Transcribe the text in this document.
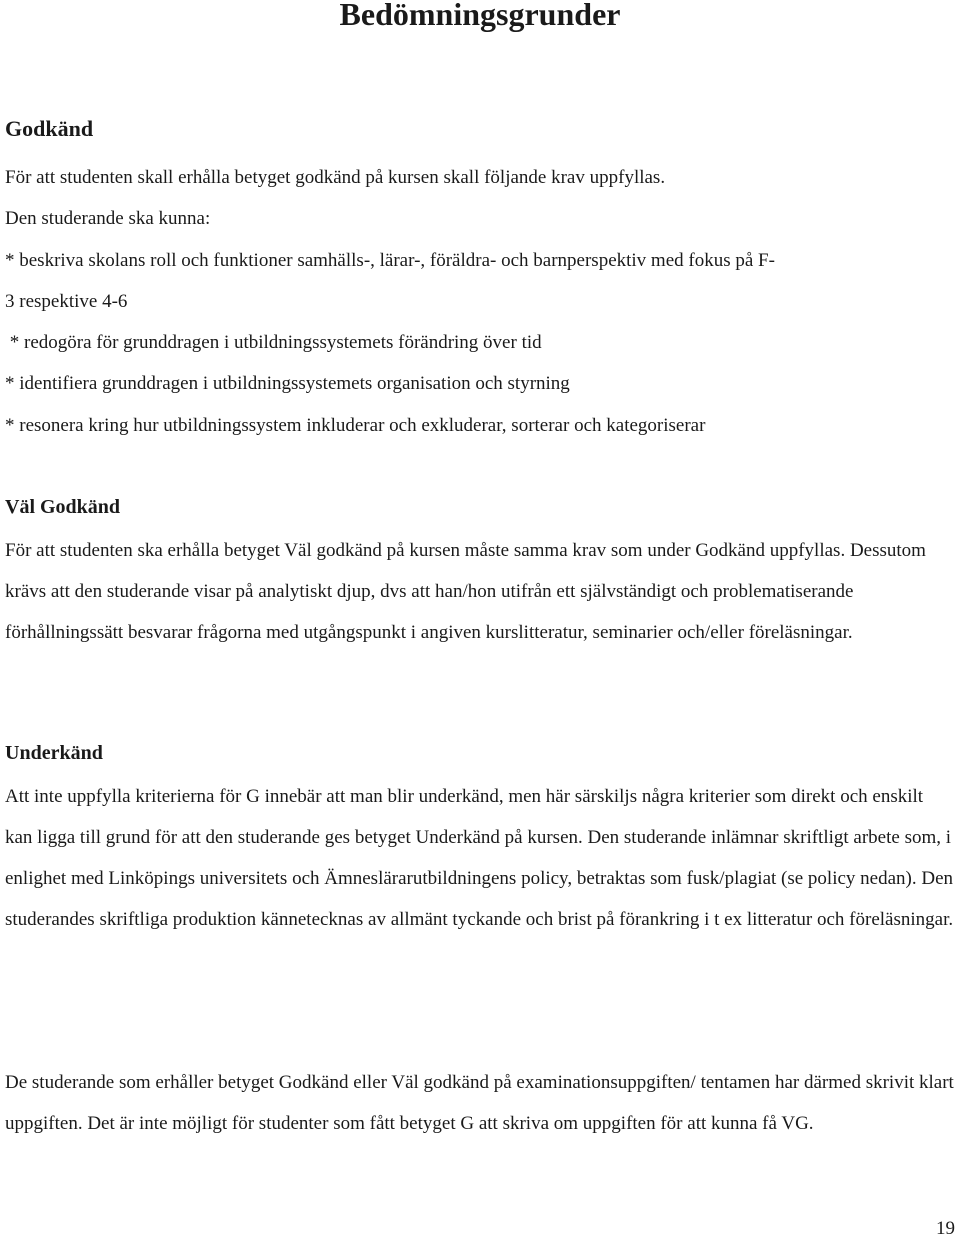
Bedömningsgrunder
Godkänd

För att studenten skall erhålla betyget godkänd på kursen skall följande krav uppfyllas.

Den studerande ska kunna:

* beskriva skolans roll och funktioner samhälls-, lärar-, föräldra- och barnperspektiv med fokus på F-

3 respektive 4-6

* redogöra för grunddragen i utbildningssystemets förändring över tid

* identifiera grunddragen i utbildningssystemets organisation och styrning

* resonera kring hur utbildningssystem inkluderar och exkluderar, sorterar och kategoriserar

Väl Godkänd

För att studenten ska erhålla betyget Väl godkänd på kursen måste samma krav som under Godkänd uppfyllas. Dessutom krävs att den studerande visar på analytiskt djup, dvs att han/hon utifrån ett självständigt och problematiserande förhållningssätt besvarar frågorna med utgångspunkt i angiven kurslitteratur, seminarier och/eller föreläsningar.

Underkänd

Att inte uppfylla kriterierna för G innebär att man blir underkänd, men här särskiljs några kriterier som direkt och enskilt kan ligga till grund för att den studerande ges betyget Underkänd på kursen. Den studerande inlämnar skriftligt arbete som, i enlighet med Linköpings universitets och Ämneslärarutbildningens policy, betraktas som fusk/plagiat (se policy nedan). Den studerandes skriftliga produktion kännetecknas av allmänt tyckande och brist på förankring i t ex litteratur och föreläsningar.

De studerande som erhåller betyget Godkänd eller Väl godkänd på examinationsuppgiften/ tentamen har därmed skrivit klart uppgiften. Det är inte möjligt för studenter som fått betyget G att skriva om uppgiften för att kunna få VG.

19
